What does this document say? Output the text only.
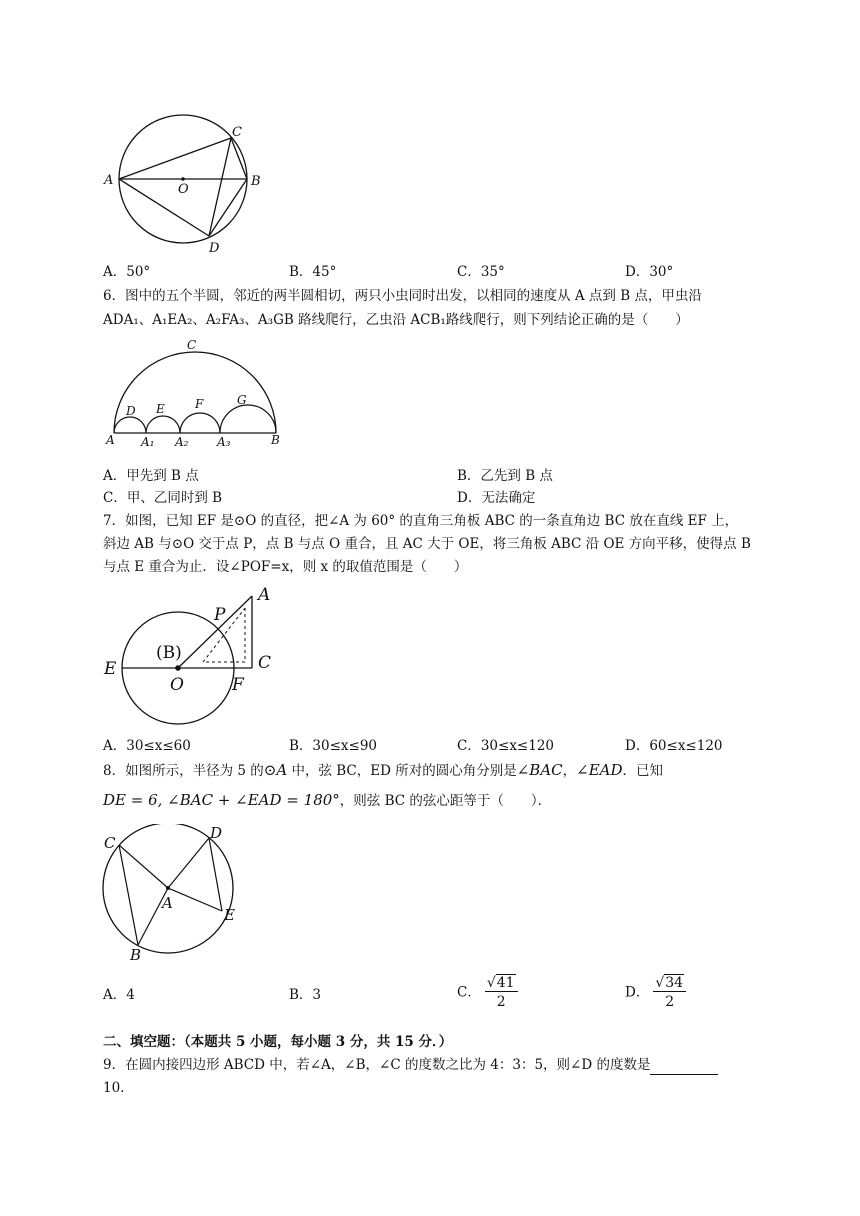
A
O
B
C
D
A．50°	B．45°	C．35°	D．30°
6．图中的五个半圆，邻近的两半圆相切，两只小虫同时出发，以相同的速度从 A 点到 B 点，甲虫沿
ADA₁、A₁EA₂、A₂FA₃、A₃GB 路线爬行，乙虫沿 ACB₁路线爬行，则下列结论正确的是（　　）
C
D E	F	G
A A₁ A₂ A₃	B
A．甲先到 B 点	B．乙先到 B 点
C．甲、乙同时到 B	D．无法确定
7．如图，已知 EF 是⊙O 的直径，把∠A 为 60° 的直角三角板 ABC 的一条直角边 BC 放在直线 EF 上，
斜边 AB 与⊙O 交于点 P，点 B 与点 O 重合，且 AC 大于 OE，将三角板 ABC 沿 OE 方向平移，使得点 B
与点 E 重合为止．设∠POF=x，则 x 的取值范围是（　　）
E
O
(B)
P
A
C
F
A．30≤x≤60	B．30≤x≤90	C．30≤x≤120	D．60≤x≤120
8．如图所示，半径为 5 的⊙A 中，弦 BC，ED 所对的圆心角分别是∠BAC，∠EAD．已知
DE = 6, ∠BAC + ∠EAD = 180°，则弦 BC 的弦心距等于（　　）．
C
D
A
E
B
A．4	B．3	C． $\frac{√41}{2}$	D． $\frac{√34}{2}$
二、填空题：（本题共 5 小题，每小题 3 分，共 15 分．）
9．在圆内接四边形 ABCD 中，若∠A，∠B，∠C 的度数之比为 4：3：5，则∠D 的度数是
10.
